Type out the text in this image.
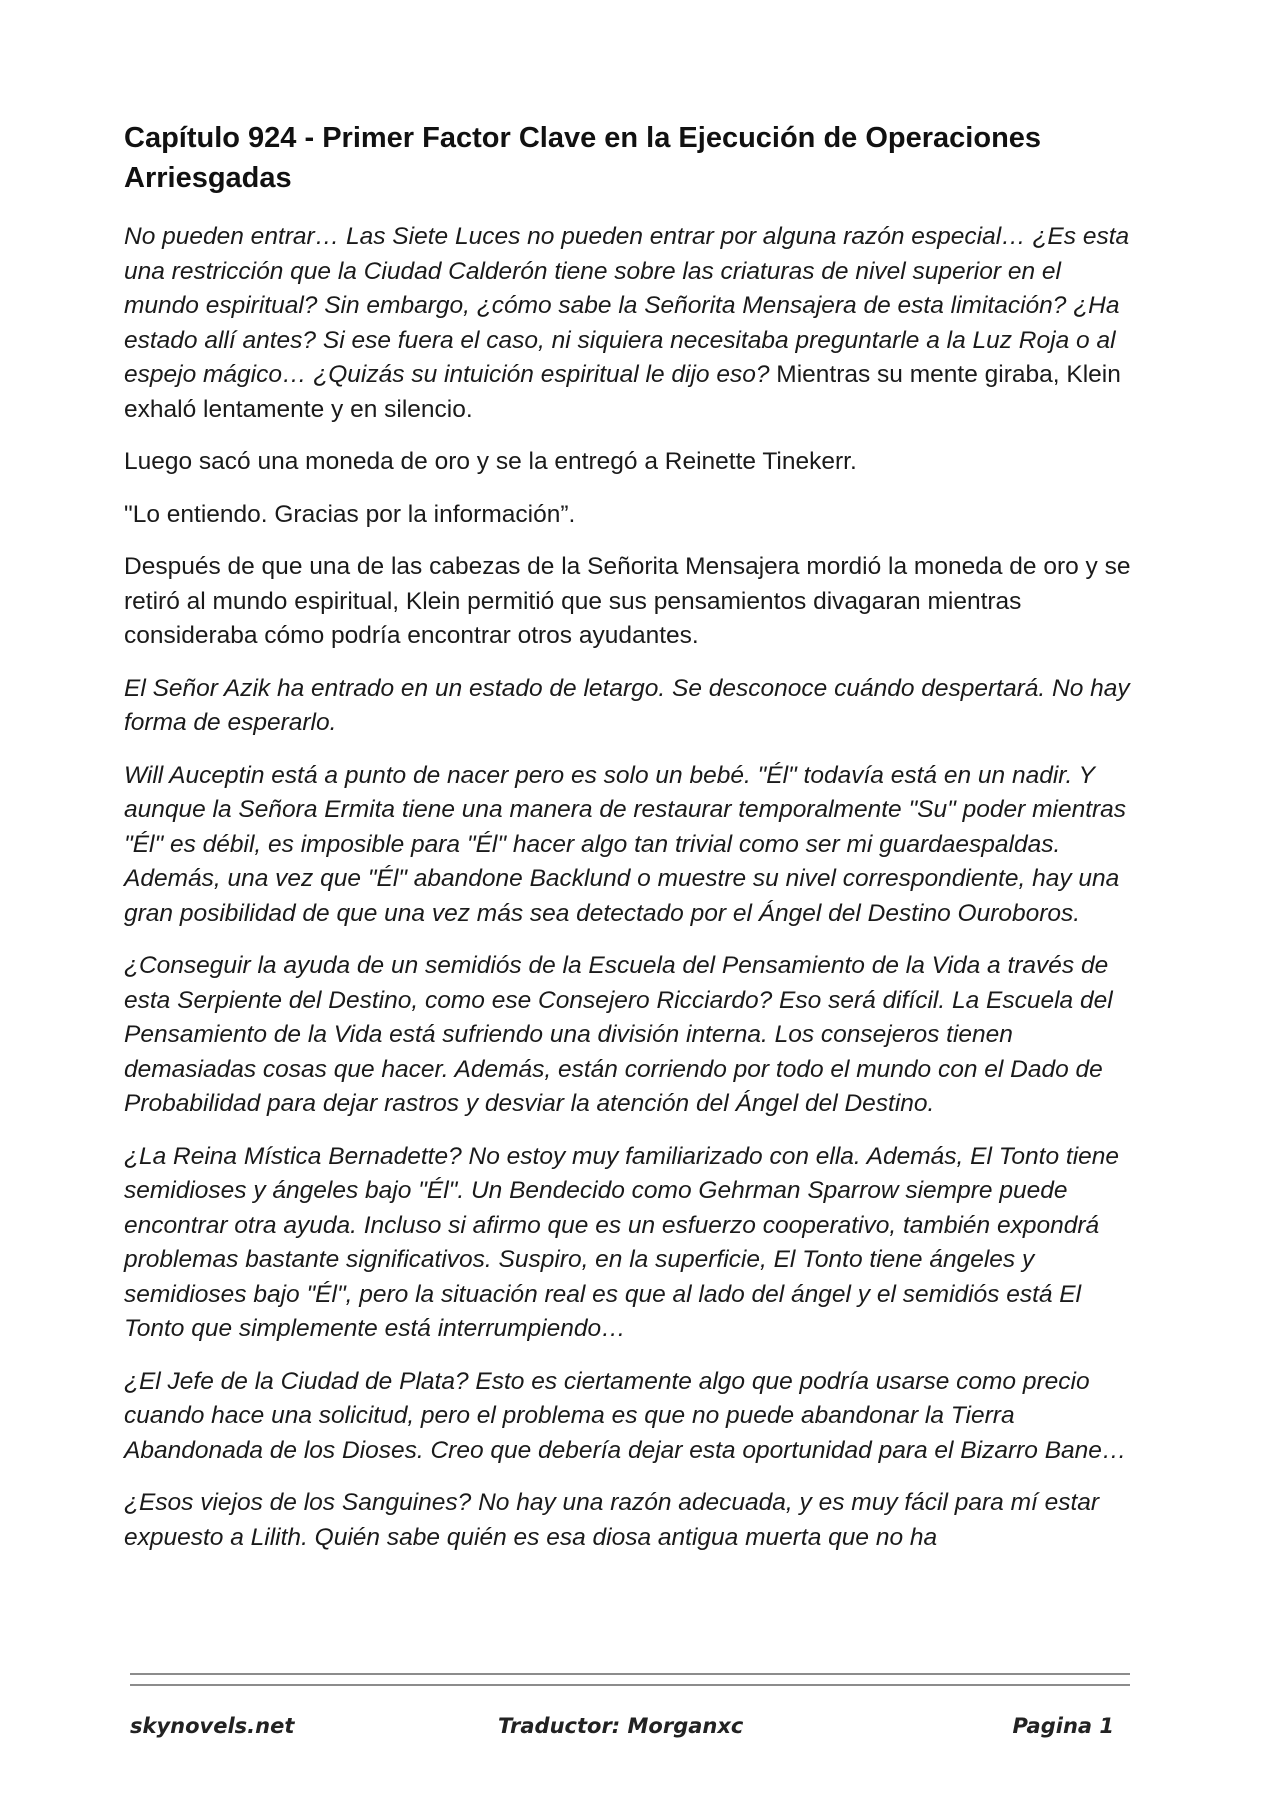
Capítulo 924 - Primer Factor Clave en la Ejecución de Operaciones Arriesgadas

No pueden entrar… Las Siete Luces no pueden entrar por alguna razón especial… ¿Es esta una restricción que la Ciudad Calderón tiene sobre las criaturas de nivel superior en el mundo espiritual? Sin embargo, ¿cómo sabe la Señorita Mensajera de esta limitación? ¿Ha estado allí antes? Si ese fuera el caso, ni siquiera necesitaba preguntarle a la Luz Roja o al espejo mágico… ¿Quizás su intuición espiritual le dijo eso? Mientras su mente giraba, Klein exhaló lentamente y en silencio.

Luego sacó una moneda de oro y se la entregó a Reinette Tinekerr.

"Lo entiendo. Gracias por la información”.

Después de que una de las cabezas de la Señorita Mensajera mordió la moneda de oro y se retiró al mundo espiritual, Klein permitió que sus pensamientos divagaran mientras consideraba cómo podría encontrar otros ayudantes.

El Señor Azik ha entrado en un estado de letargo. Se desconoce cuándo despertará. No hay forma de esperarlo.

Will Auceptin está a punto de nacer pero es solo un bebé. "Él" todavía está en un nadir. Y aunque la Señora Ermita tiene una manera de restaurar temporalmente "Su" poder mientras "Él" es débil, es imposible para "Él" hacer algo tan trivial como ser mi guardaespaldas. Además, una vez que "Él" abandone Backlund o muestre su nivel correspondiente, hay una gran posibilidad de que una vez más sea detectado por el Ángel del Destino Ouroboros.

¿Conseguir la ayuda de un semidiós de la Escuela del Pensamiento de la Vida a través de esta Serpiente del Destino, como ese Consejero Ricciardo? Eso será difícil. La Escuela del Pensamiento de la Vida está sufriendo una división interna. Los consejeros tienen demasiadas cosas que hacer. Además, están corriendo por todo el mundo con el Dado de Probabilidad para dejar rastros y desviar la atención del Ángel del Destino.

¿La Reina Mística Bernadette? No estoy muy familiarizado con ella. Además, El Tonto tiene semidioses y ángeles bajo "Él". Un Bendecido como Gehrman Sparrow siempre puede encontrar otra ayuda. Incluso si afirmo que es un esfuerzo cooperativo, también expondrá problemas bastante significativos. Suspiro, en la superficie, El Tonto tiene ángeles y semidioses bajo "Él", pero la situación real es que al lado del ángel y el semidiós está El Tonto que simplemente está interrumpiendo…

¿El Jefe de la Ciudad de Plata? Esto es ciertamente algo que podría usarse como precio cuando hace una solicitud, pero el problema es que no puede abandonar la Tierra Abandonada de los Dioses. Creo que debería dejar esta oportunidad para el Bizarro Bane…

¿Esos viejos de los Sanguines? No hay una razón adecuada, y es muy fácil para mí estar expuesto a Lilith. Quién sabe quién es esa diosa antigua muerta que no ha

skynovels.net	Traductor: Morganxc	Pagina 1
